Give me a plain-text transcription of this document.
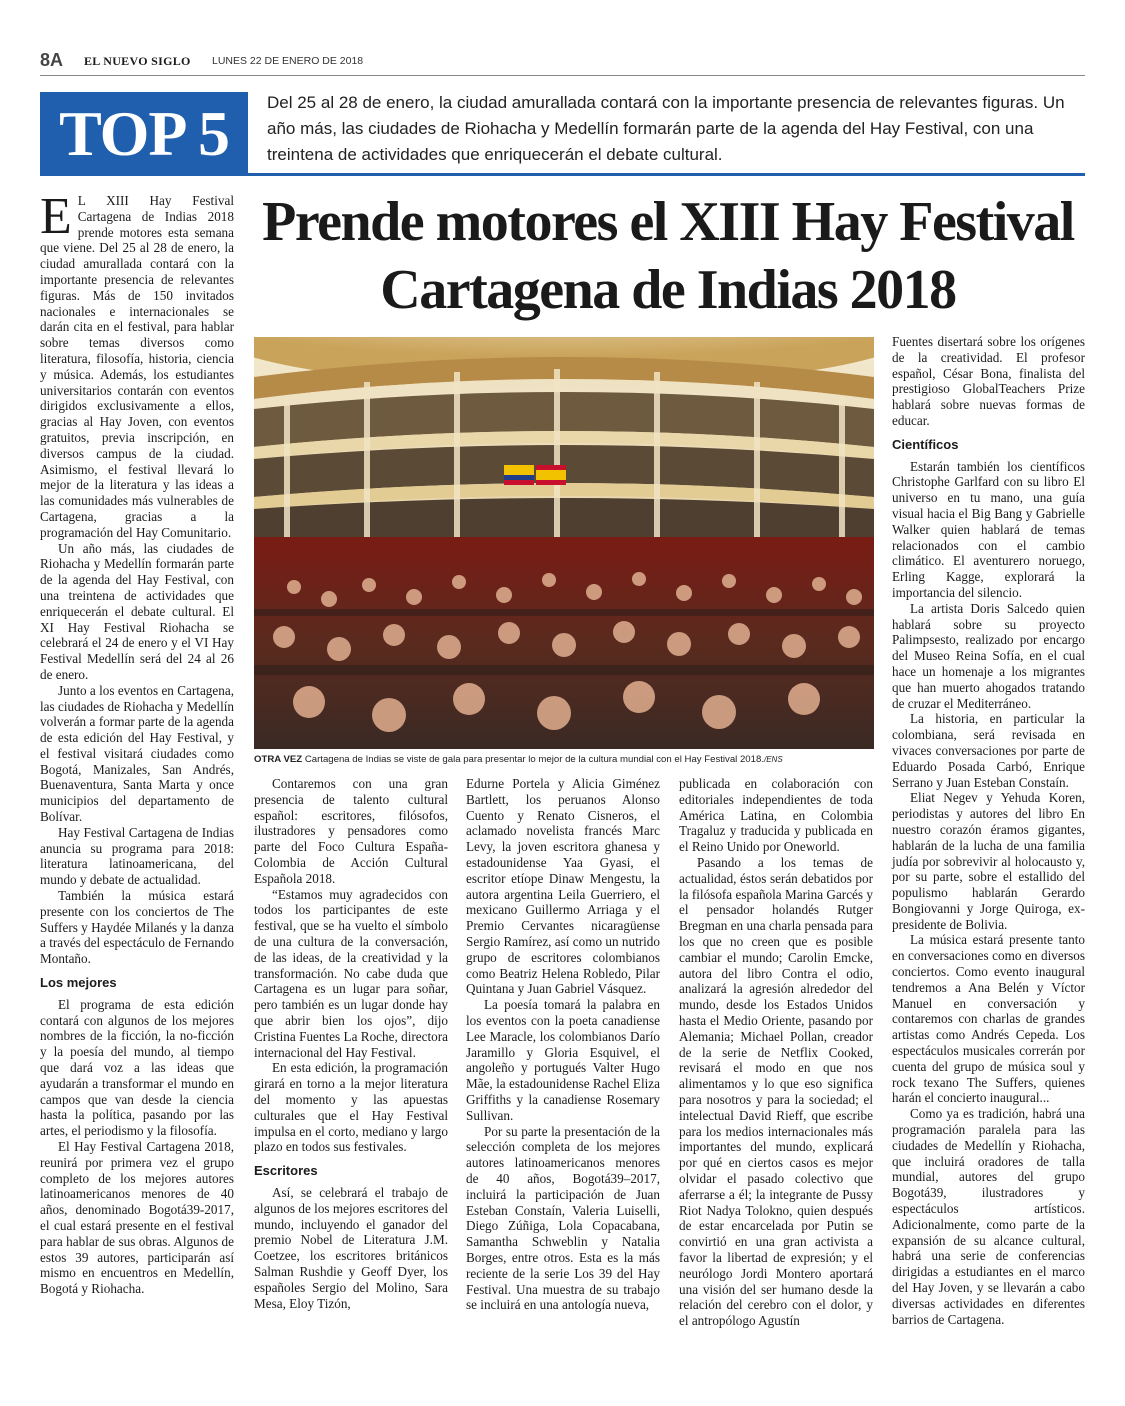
8A EL NUEVO SIGLO LUNES 22 DE ENERO DE 2018
TOP 5 Del 25 al 28 de enero, la ciudad amurallada contará con la importante presencia de relevantes figuras. Un año más, las ciudades de Riohacha y Medellín formarán parte de la agenda del Hay Festival, con una treintena de actividades que enriquecerán el debate cultural.
Prende motores el XIII Hay Festival Cartagena de Indias 2018

E L XIII Hay Festival Cartagena de Indias 2018 prende motores esta semana que viene. Del 25 al 28 de enero, la ciudad amurallada contará con la importante presencia de relevantes figuras. Más de 150 invitados nacionales e internacionales se darán cita en el festival, para hablar sobre temas diversos como literatura, filosofía, historia, ciencia y música. Además, los estudiantes universitarios contarán con eventos dirigidos exclusivamente a ellos, gracias al Hay Joven, con eventos gratuitos, previa inscripción, en diversos campus de la ciudad. Asimismo, el festival llevará lo mejor de la literatura y las ideas a las comunidades más vulnerables de Cartagena, gracias a la programación del Hay Comunitario.

Un año más, las ciudades de Riohacha y Medellín formarán parte de la agenda del Hay Festival, con una treintena de actividades que enriquecerán el debate cultural. El XI Hay Festival Riohacha se celebrará el 24 de enero y el VI Hay Festival Medellín será del 24 al 26 de enero.

Junto a los eventos en Cartagena, las ciudades de Riohacha y Medellín volverán a formar parte de la agenda de esta edición del Hay Festival, y el festival visitará ciudades como Bogotá, Manizales, San Andrés, Buenaventura, Santa Marta y once municipios del departamento de Bolívar.

Hay Festival Cartagena de Indias anuncia su programa para 2018: literatura latinoamericana, del mundo y debate de actualidad.

También la música estará presente con los conciertos de The Suffers y Haydée Milanés y la danza a través del espectáculo de Fernando Montaño.

Los mejores

El programa de esta edición contará con algunos de los mejores nombres de la ficción, la no-ficción y la poesía del mundo, al tiempo que dará voz a las ideas que ayudarán a transformar el mundo en campos que van desde la ciencia hasta la política, pasando por las artes, el periodismo y la filosofía.

El Hay Festival Cartagena 2018, reunirá por primera vez el grupo completo de los mejores autores latinoamericanos menores de 40 años, denominado Bogotá39-2017, el cual estará presente en el festival para hablar de sus obras. Algunos de estos 39 autores, participarán así mismo en encuentros en Medellín, Bogotá y Riohacha.

OTRA VEZ Cartagena de Indias se viste de gala para presentar lo mejor de la cultura mundial con el Hay Festival 2018./ENS

Contaremos con una gran presencia de talento cultural español: escritores, filósofos, ilustradores y pensadores como parte del Foco Cultura España-Colombia de Acción Cultural Española 2018.

“Estamos muy agradecidos con todos los participantes de este festival, que se ha vuelto el símbolo de una cultura de la conversación, de las ideas, de la creatividad y la transformación. No cabe duda que Cartagena es un lugar para soñar, pero también es un lugar donde hay que abrir bien los ojos”, dijo Cristina Fuentes La Roche, directora internacional del Hay Festival.

En esta edición, la programación girará en torno a la mejor literatura del momento y las apuestas culturales que el Hay Festival impulsa en el corto, mediano y largo plazo en todos sus festivales.

Escritores

Así, se celebrará el trabajo de algunos de los mejores escritores del mundo, incluyendo el ganador del premio Nobel de Literatura J.M. Coetzee, los escritores británicos Salman Rushdie y Geoff Dyer, los españoles Sergio del Molino, Sara Mesa, Eloy Tizón,

Edurne Portela y Alicia Giménez Bartlett, los peruanos Alonso Cuento y Renato Cisneros, el aclamado novelista francés Marc Levy, la joven escritora ghanesa y estadounidense Yaa Gyasi, el escritor etíope Dinaw Mengestu, la autora argentina Leila Guerriero, el mexicano Guillermo Arriaga y el Premio Cervantes nicaragüense Sergio Ramírez, así como un nutrido grupo de escritores colombianos como Beatriz Helena Robledo, Pilar Quintana y Juan Gabriel Vásquez.

La poesía tomará la palabra en los eventos con la poeta canadiense Lee Maracle, los colombianos Darío Jaramillo y Gloria Esquivel, el angoleño y portugués Valter Hugo Mãe, la estadounidense Rachel Eliza Griffiths y la canadiense Rosemary Sullivan.

Por su parte la presentación de la selección completa de los mejores autores latinoamericanos menores de 40 años, Bogotá39–2017, incluirá la participación de Juan Esteban Constaín, Valeria Luiselli, Diego Zúñiga, Lola Copacabana, Samantha Schweblin y Natalia Borges, entre otros. Esta es la más reciente de la serie Los 39 del Hay Festival. Una muestra de su trabajo se incluirá en una antología nueva,

publicada en colaboración con editoriales independientes de toda América Latina, en Colombia Tragaluz y traducida y publicada en el Reino Unido por Oneworld.

Pasando a los temas de actualidad, éstos serán debatidos por la filósofa española Marina Garcés y el pensador holandés Rutger Bregman en una charla pensada para los que no creen que es posible cambiar el mundo; Carolin Emcke, autora del libro Contra el odio, analizará la agresión alrededor del mundo, desde los Estados Unidos hasta el Medio Oriente, pasando por Alemania; Michael Pollan, creador de la serie de Netflix Cooked, revisará el modo en que nos alimentamos y lo que eso significa para nosotros y para la sociedad; el intelectual David Rieff, que escribe para los medios internacionales más importantes del mundo, explicará por qué en ciertos casos es mejor olvidar el pasado colectivo que aferrarse a él; la integrante de Pussy Riot Nadya Tolokno, quien después de estar encarcelada por Putin se convirtió en una gran activista a favor la libertad de expresión; y el neurólogo Jordi Montero aportará una visión del ser humano desde la relación del cerebro con el dolor, y el antropólogo Agustín

Fuentes disertará sobre los orígenes de la creatividad. El profesor español, César Bona, finalista del prestigioso GlobalTeachers Prize hablará sobre nuevas formas de educar.

Científicos

Estarán también los científicos Christophe Garlfard con su libro El universo en tu mano, una guía visual hacia el Big Bang y Gabrielle Walker quien hablará de temas relacionados con el cambio climático. El aventurero noruego, Erling Kagge, explorará la importancia del silencio.

La artista Doris Salcedo quien hablará sobre su proyecto Palimpsesto, realizado por encargo del Museo Reina Sofía, en el cual hace un homenaje a los migrantes que han muerto ahogados tratando de cruzar el Mediterráneo.

La historia, en particular la colombiana, será revisada en vivaces conversaciones por parte de Eduardo Posada Carbó, Enrique Serrano y Juan Esteban Constaín.

Eliat Negev y Yehuda Koren, periodistas y autores del libro En nuestro corazón éramos gigantes, hablarán de la lucha de una familia judía por sobrevivir al holocausto y, por su parte, sobre el estallido del populismo hablarán Gerardo Bongiovanni y Jorge Quiroga, ex-presidente de Bolivia.

La música estará presente tanto en conversaciones como en diversos conciertos. Como evento inaugural tendremos a Ana Belén y Víctor Manuel en conversación y contaremos con charlas de grandes artistas como Andrés Cepeda. Los espectáculos musicales correrán por cuenta del grupo de música soul y rock texano The Suffers, quienes harán el concierto inaugural...

Como ya es tradición, habrá una programación paralela para las ciudades de Medellín y Riohacha, que incluirá oradores de talla mundial, autores del grupo Bogotá39, ilustradores y espectáculos artísticos. Adicionalmente, como parte de la expansión de su alcance cultural, habrá una serie de conferencias dirigidas a estudiantes en el marco del Hay Joven, y se llevarán a cabo diversas actividades en diferentes barrios de Cartagena.
